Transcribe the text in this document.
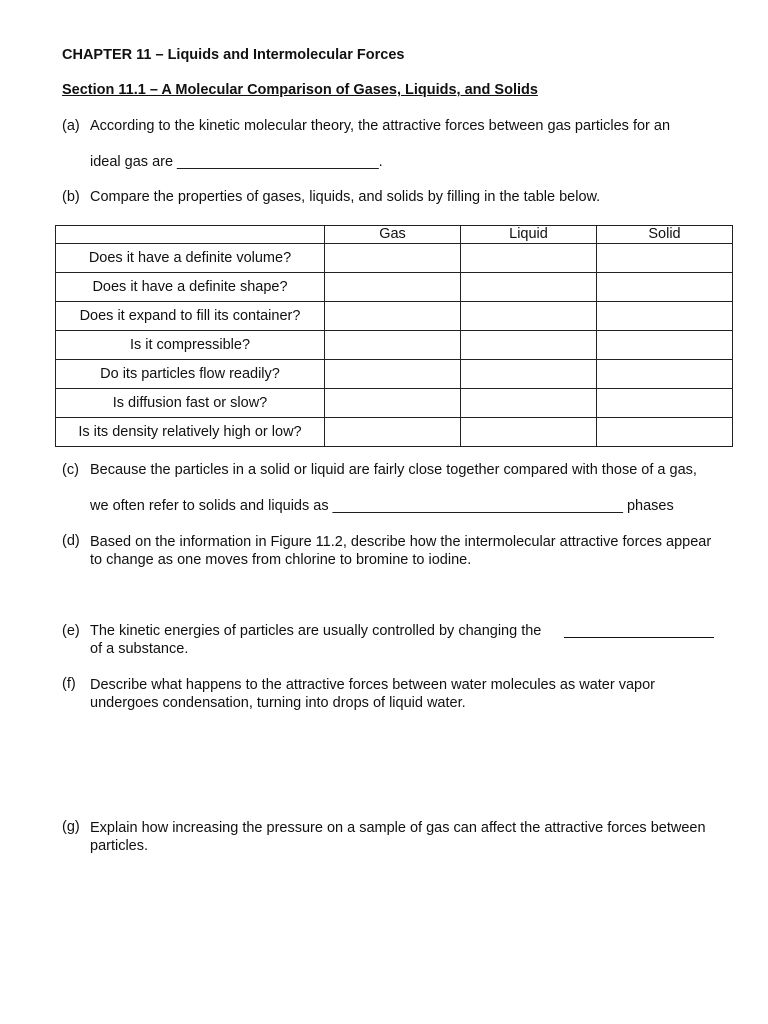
CHAPTER 11 – Liquids and Intermolecular Forces
Section 11.1 – A Molecular Comparison of Gases, Liquids, and Solids
(a) According to the kinetic molecular theory, the attractive forces between gas particles for an
ideal gas are _________________________.
(b) Compare the properties of gases, liquids, and solids by filling in the table below.
	Gas	Liquid	Solid
Does it have a definite volume?			
Does it have a definite shape?			
Does it expand to fill its container?			
Is it compressible?			
Do its particles flow readily?			
Is diffusion fast or slow?			
Is its density relatively high or low?			
(c) Because the particles in a solid or liquid are fairly close together compared with those of a gas,
we often refer to solids and liquids as ____________________________________ phases
(d) Based on the information in Figure 11.2, describe how the intermolecular attractive forces appear to change as one moves from chlorine to bromine to iodine.
(e) The kinetic energies of particles are usually controlled by changing the
of a substance.
(f) Describe what happens to the attractive forces between water molecules as water vapor undergoes condensation, turning into drops of liquid water.
(g) Explain how increasing the pressure on a sample of gas can affect the attractive forces between particles.
